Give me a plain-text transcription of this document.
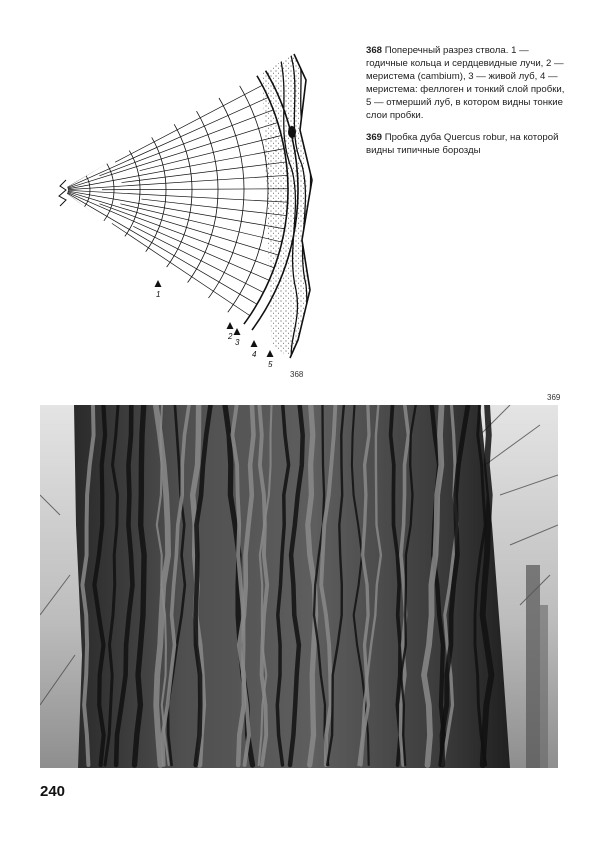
1
2
3
4
5
368

368 Поперечный разрез ствола. 1 — годичные кольца и сердцевидные лучи, 2 — меристема (cambium), 3 — живой луб, 4 — меристема: феллоген и тонкий слой пробки, 5 — отмерший луб, в котором видны тонкие слои пробки.

369 Пробка дуба Quercus robur, на которой видны типичные борозды

369
240
